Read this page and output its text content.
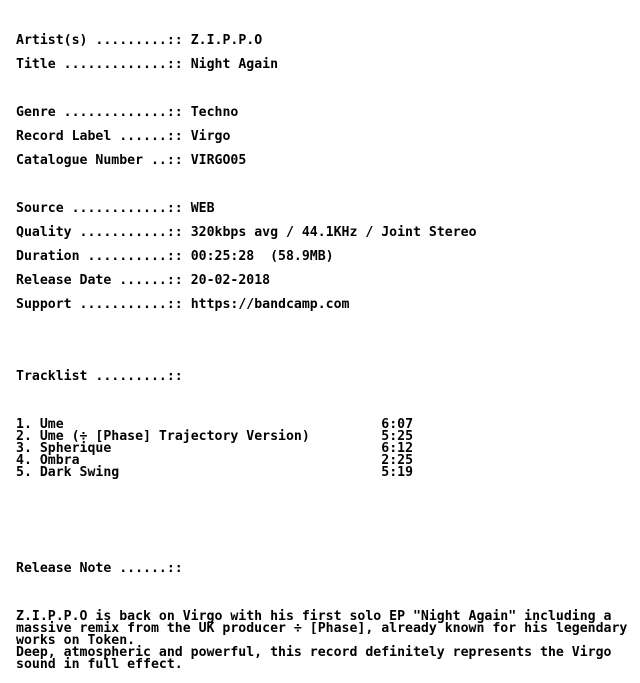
Artist(s) .........:: Z.I.P.P.O

Title .............:: Night Again

Genre .............:: Techno

Record Label ......:: Virgo

Catalogue Number ..:: VIRGO05

Source ............:: WEB

Quality ...........:: 320kbps avg / 44.1KHz / Joint Stereo

Duration ..........:: 00:25:28  (58.9MB)

Release Date ......:: 20-02-2018

Support ...........:: https://bandcamp.com

Tracklist .........::

1. Ume	6:07
2. Ume (÷ [Phase] Trajectory Version)	5:25
3. Spherique	6:12
4. Ombra	2:25
5. Dark Swing	5:19

Release Note ......::

Z.I.P.P.O is back on Virgo with his first solo EP "Night Again" including a
massive remix from the UK producer ÷ [Phase], already known for his legendary
works on Token.
Deep, atmospheric and powerful, this record definitely represents the Virgo
sound in full effect.
